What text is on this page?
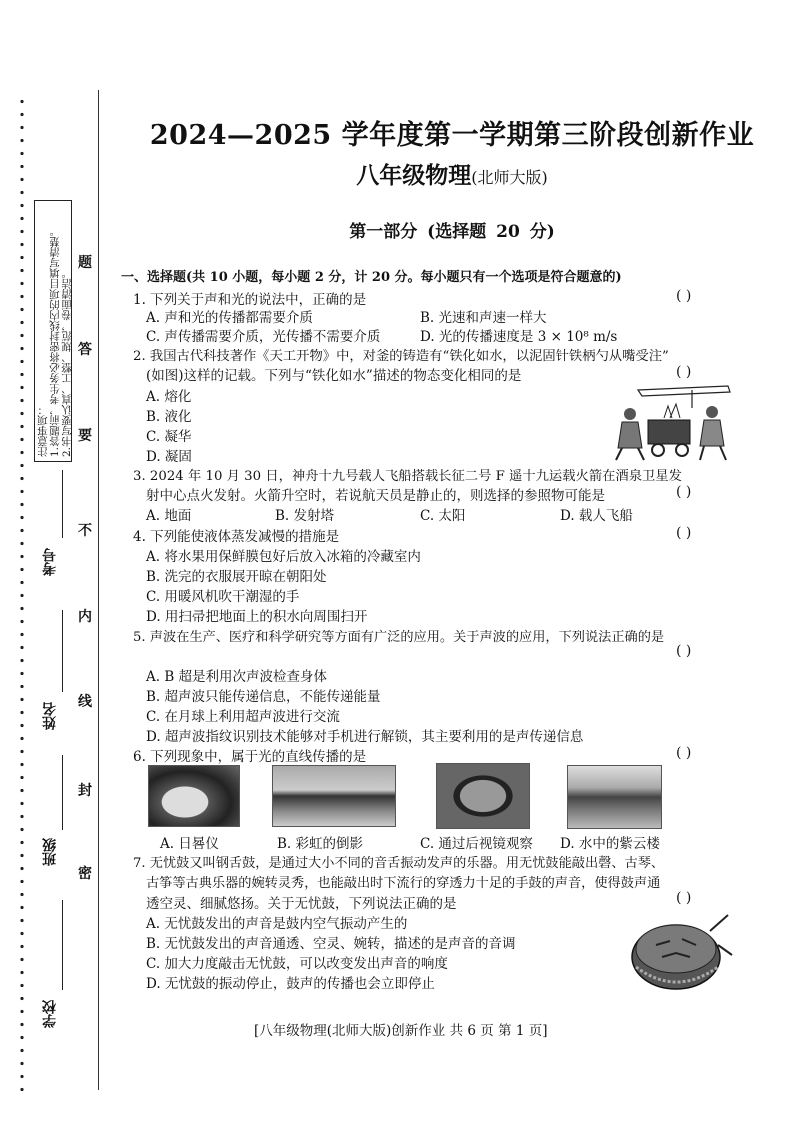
注意事项：
1.答题前，考生务必将密封线内的项目填写清楚。
2.书写要认真、工整、规范，卷面清洁。
题
答
要
不
内
线
封
密
考号
姓名
班级
学校
2024—2025 学年度第一学期第三阶段创新作业
八年级物理(北师大版)
第一部分 (选择题 20 分)
一、选择题(共 10 小题，每小题 2 分，计 20 分。每小题只有一个选项是符合题意的)
1. 下列关于声和光的说法中，正确的是	( )
A. 声和光的传播都需要介质	B. 光速和声速一样大
C. 声传播需要介质，光传播不需要介质	D. 光的传播速度是 3 × 10⁸ m/s
2. 我国古代科技著作《天工开物》中，对釜的铸造有“铁化如水，以泥固针铁柄勺从嘴受注”
(如图)这样的记载。下列与“铁化如水”描述的物态变化相同的是	( )
A. 熔化
B. 液化
C. 凝华
D. 凝固
3. 2024 年 10 月 30 日，神舟十九号载人飞船搭载长征二号 F 遥十九运载火箭在酒泉卫星发
射中心点火发射。火箭升空时，若说航天员是静止的，则选择的参照物可能是	( )
A. 地面	B. 发射塔	C. 太阳	D. 载人飞船
4. 下列能使液体蒸发减慢的措施是	( )
A. 将水果用保鲜膜包好后放入冰箱的冷藏室内
B. 洗完的衣服展开晾在朝阳处
C. 用暖风机吹干潮湿的手
D. 用扫帚把地面上的积水向周围扫开
5. 声波在生产、医疗和科学研究等方面有广泛的应用。关于声波的应用，下列说法正确的是
( )
A. B 超是利用次声波检查身体
B. 超声波只能传递信息，不能传递能量
C. 在月球上利用超声波进行交流
D. 超声波指纹识别技术能够对手机进行解锁，其主要利用的是声传递信息
6. 下列现象中，属于光的直线传播的是	( )
A. 日晷仪	B. 彩虹的倒影	C. 通过后视镜观察 D. 水中的紫云楼
7. 无忧鼓又叫钢舌鼓，是通过大小不同的音舌振动发声的乐器。用无忧鼓能敲出磬、古琴、
古筝等古典乐器的婉转灵秀，也能敲出时下流行的穿透力十足的手鼓的声音，使得鼓声通
透空灵、细腻悠扬。关于无忧鼓，下列说法正确的是	( )
A. 无忧鼓发出的声音是鼓内空气振动产生的
B. 无忧鼓发出的声音通透、空灵、婉转，描述的是声音的音调
C. 加大力度敲击无忧鼓，可以改变发出声音的响度
D. 无忧鼓的振动停止，鼓声的传播也会立即停止
[八年级物理(北师大版)创新作业 共 6 页 第 1 页]
